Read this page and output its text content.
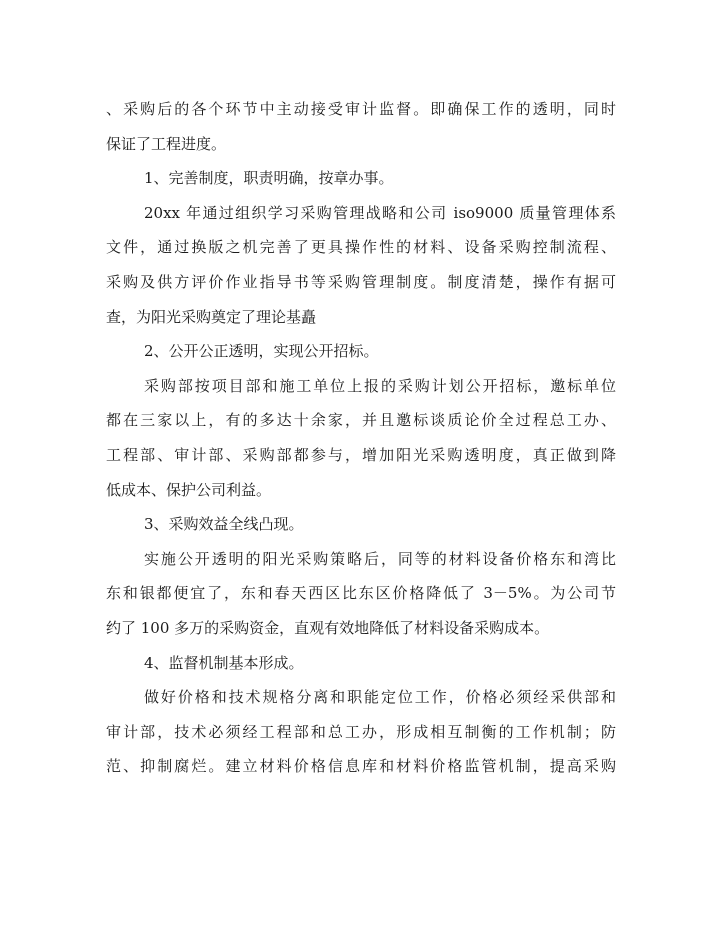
、采购后的各个环节中主动接受审计监督。即确保工作的透明，同时
保证了工程进度。
1、完善制度，职责明确，按章办事。
20xx 年通过组织学习采购管理战略和公司 iso9000 质量管理体系
文件，通过换版之机完善了更具操作性的材料、设备采购控制流程、
采购及供方评价作业指导书等采购管理制度。制度清楚，操作有据可
查，为阳光采购奠定了理论基矗
2、公开公正透明，实现公开招标。
采购部按项目部和施工单位上报的采购计划公开招标，邀标单位
都在三家以上，有的多达十余家，并且邀标谈质论价全过程总工办、
工程部、审计部、采购部都参与，增加阳光采购透明度，真正做到降
低成本、保护公司利益。
3、采购效益全线凸现。
实施公开透明的阳光采购策略后，同等的材料设备价格东和湾比
东和银都便宜了，东和春天西区比东区价格降低了 3－5%。为公司节
约了 100 多万的采购资金，直观有效地降低了材料设备采购成本。
4、监督机制基本形成。
做好价格和技术规格分离和职能定位工作，价格必须经采供部和
审计部，技术必须经工程部和总工办，形成相互制衡的工作机制；防
范、抑制腐烂。建立材料价格信息库和材料价格监管机制，提高采购
